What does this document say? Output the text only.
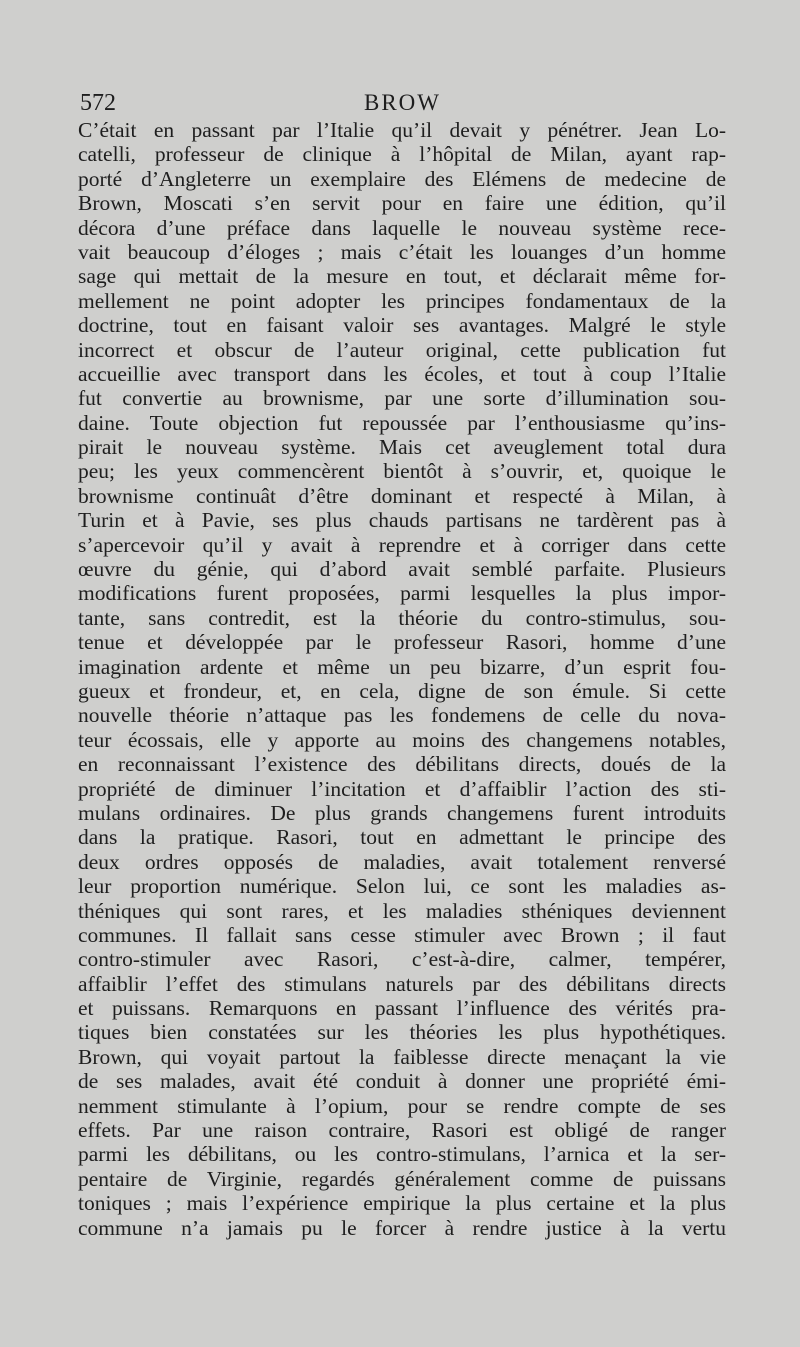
572	BROW
C’était en passant par l’Italie qu’il devait y pénétrer. Jean Lo-
catelli, professeur de clinique à l’hôpital de Milan, ayant rap-
porté d’Angleterre un exemplaire des Elémens de medecine de
Brown, Moscati s’en servit pour en faire une édition, qu’il
décora d’une préface dans laquelle le nouveau système rece-
vait beaucoup d’éloges ; mais c’était les louanges d’un homme
sage qui mettait de la mesure en tout, et déclarait même for-
mellement ne point adopter les principes fondamentaux de la
doctrine, tout en faisant valoir ses avantages. Malgré le style
incorrect et obscur de l’auteur original, cette publication fut
accueillie avec transport dans les écoles, et tout à coup l’Italie
fut convertie au brownisme, par une sorte d’illumination sou-
daine. Toute objection fut repoussée par l’enthousiasme qu’ins-
pirait le nouveau système. Mais cet aveuglement total dura
peu; les yeux commencèrent bientôt à s’ouvrir, et, quoique le
brownisme continuât d’être dominant et respecté à Milan, à
Turin et à Pavie, ses plus chauds partisans ne tardèrent pas à
s’apercevoir qu’il y avait à reprendre et à corriger dans cette
œuvre du génie, qui d’abord avait semblé parfaite. Plusieurs
modifications furent proposées, parmi lesquelles la plus impor-
tante, sans contredit, est la théorie du contro-stimulus, sou-
tenue et développée par le professeur Rasori, homme d’une
imagination ardente et même un peu bizarre, d’un esprit fou-
gueux et frondeur, et, en cela, digne de son émule. Si cette
nouvelle théorie n’attaque pas les fondemens de celle du nova-
teur écossais, elle y apporte au moins des changemens notables,
en reconnaissant l’existence des débilitans directs, doués de la
propriété de diminuer l’incitation et d’affaiblir l’action des sti-
mulans ordinaires. De plus grands changemens furent introduits
dans la pratique. Rasori, tout en admettant le principe des
deux ordres opposés de maladies, avait totalement renversé
leur proportion numérique. Selon lui, ce sont les maladies as-
théniques qui sont rares, et les maladies sthéniques deviennent
communes. Il fallait sans cesse stimuler avec Brown ; il faut
contro-stimuler avec Rasori, c’est-à-dire, calmer, tempérer,
affaiblir l’effet des stimulans naturels par des débilitans directs
et puissans. Remarquons en passant l’influence des vérités pra-
tiques bien constatées sur les théories les plus hypothétiques.
Brown, qui voyait partout la faiblesse directe menaçant la vie
de ses malades, avait été conduit à donner une propriété émi-
nemment stimulante à l’opium, pour se rendre compte de ses
effets. Par une raison contraire, Rasori est obligé de ranger
parmi les débilitans, ou les contro-stimulans, l’arnica et la ser-
pentaire de Virginie, regardés généralement comme de puissans
toniques ; mais l’expérience empirique la plus certaine et la plus
commune n’a jamais pu le forcer à rendre justice à la vertu
